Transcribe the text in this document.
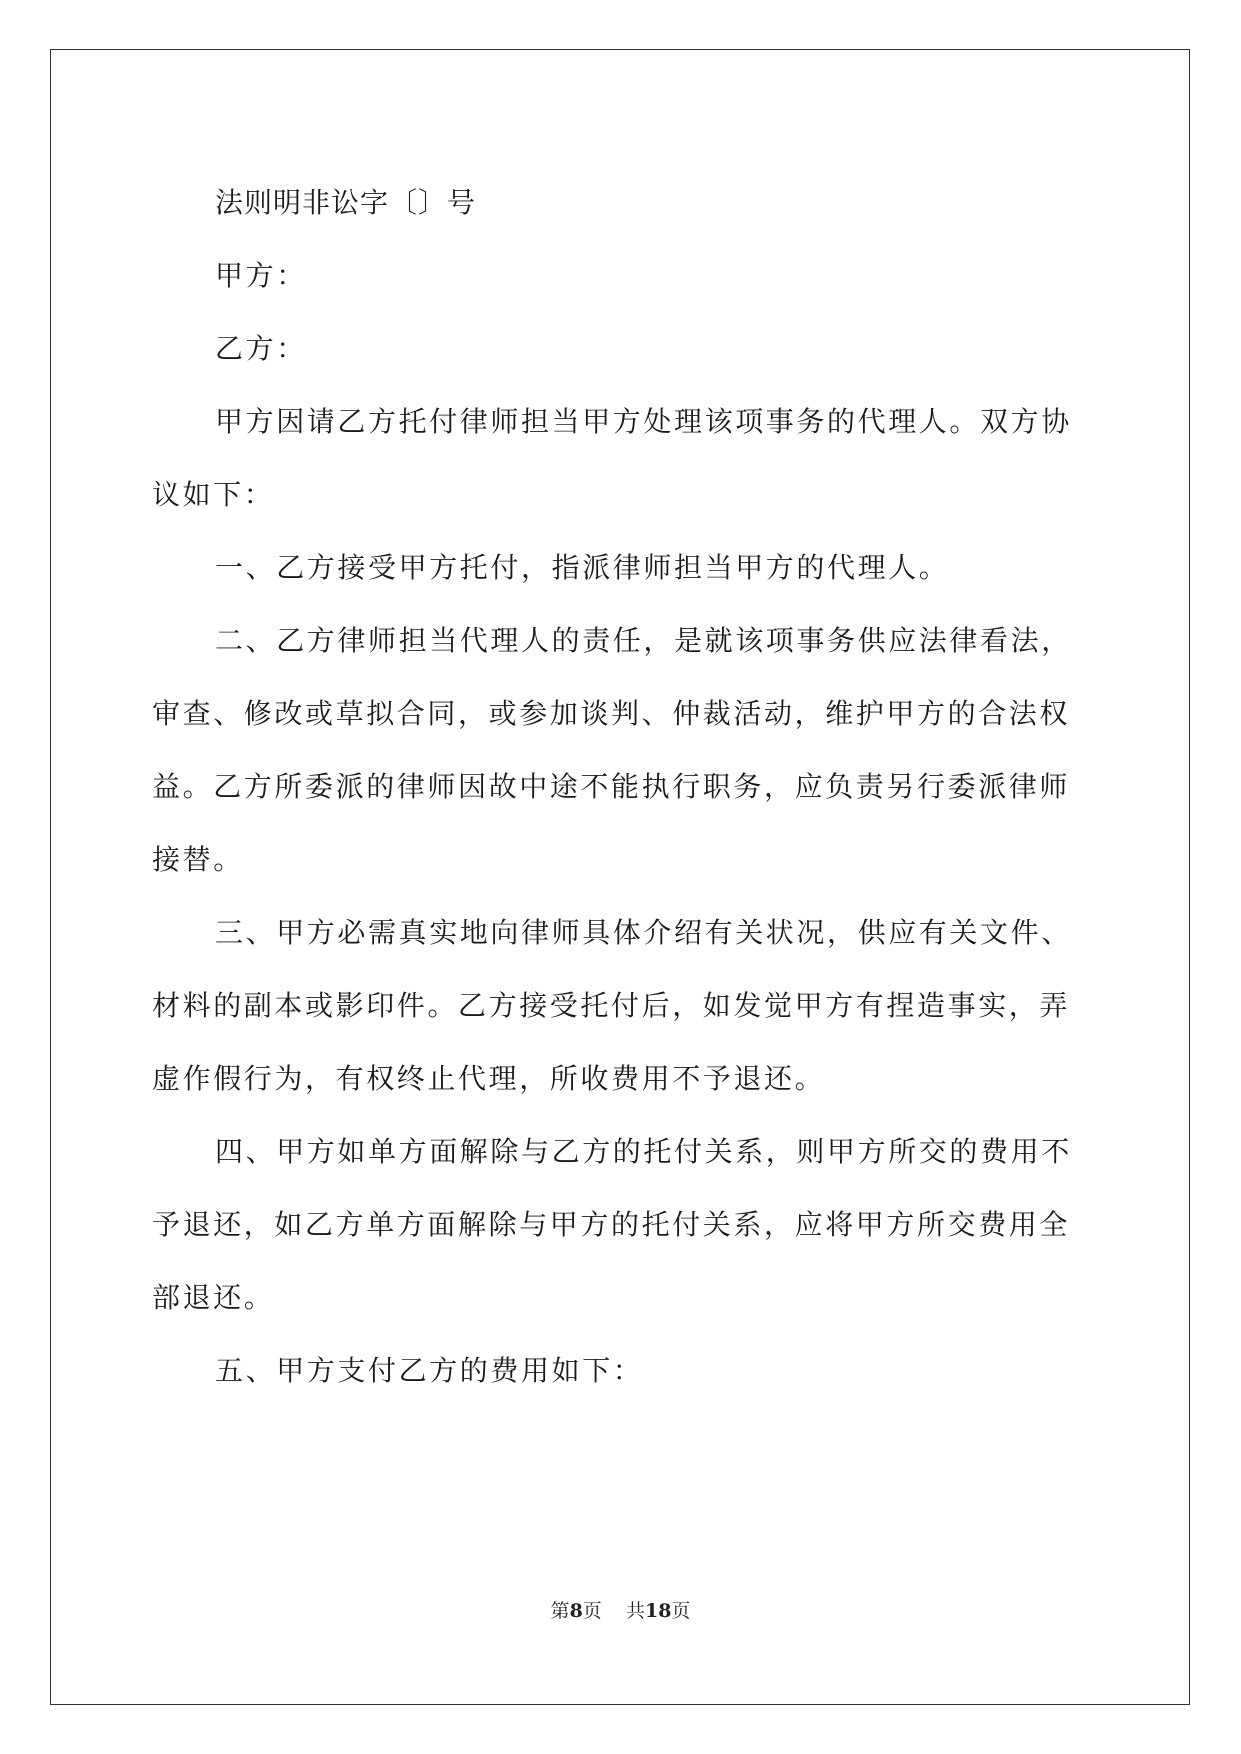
法则明非讼字〔〕号

甲方：

乙方：

甲方因请乙方托付律师担当甲方处理该项事务的代理人。双方协议如下：

一、乙方接受甲方托付，指派律师担当甲方的代理人。

二、乙方律师担当代理人的责任，是就该项事务供应法律看法，审查、修改或草拟合同，或参加谈判、仲裁活动，维护甲方的合法权益。乙方所委派的律师因故中途不能执行职务，应负责另行委派律师接替。

三、甲方必需真实地向律师具体介绍有关状况，供应有关文件、材料的副本或影印件。乙方接受托付后，如发觉甲方有捏造事实，弄虚作假行为，有权终止代理，所收费用不予退还。

四、甲方如单方面解除与乙方的托付关系，则甲方所交的费用不予退还，如乙方单方面解除与甲方的托付关系，应将甲方所交费用全部退还。

五、甲方支付乙方的费用如下：

第8页    共18页
